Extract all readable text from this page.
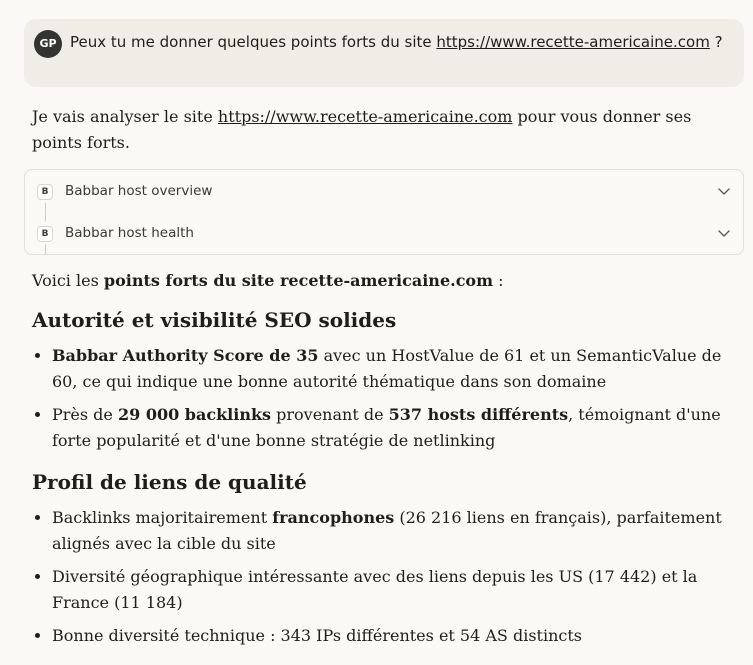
GP Peux tu me donner quelques points forts du site https://www.recette-americaine.com ?
Je vais analyser le site https://www.recette-americaine.com pour vous donner ses points forts.
B	Babbar host overview
B	Babbar host health
Voici les points forts du site recette-americaine.com :
Autorité et visibilité SEO solides
• Babbar Authority Score de 35 avec un HostValue de 61 et un SemanticValue de 60, ce qui indique une bonne autorité thématique dans son domaine
• Près de 29 000 backlinks provenant de 537 hosts différents, témoignant d'une forte popularité et d'une bonne stratégie de netlinking
Profil de liens de qualité
• Backlinks majoritairement francophones (26 216 liens en français), parfaitement alignés avec la cible du site
• Diversité géographique intéressante avec des liens depuis les US (17 442) et la France (11 184)
• Bonne diversité technique : 343 IPs différentes et 54 AS distincts
